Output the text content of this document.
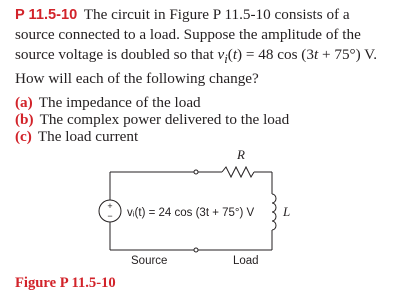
P 11.5-10 The circuit in Figure P 11.5-10 consists of a source connected to a load. Suppose the amplitude of the source voltage is doubled so that $v_i(t) = 48$ cos (3t + 75°) V. How will each of the following change?

(a) The impedance of the load
(b) The complex power delivered to the load
(c) The load current
R
L
+
− vᵢ(t) = 24 cos (3t + 75°) V
Source	Load

Figure P 11.5-10
